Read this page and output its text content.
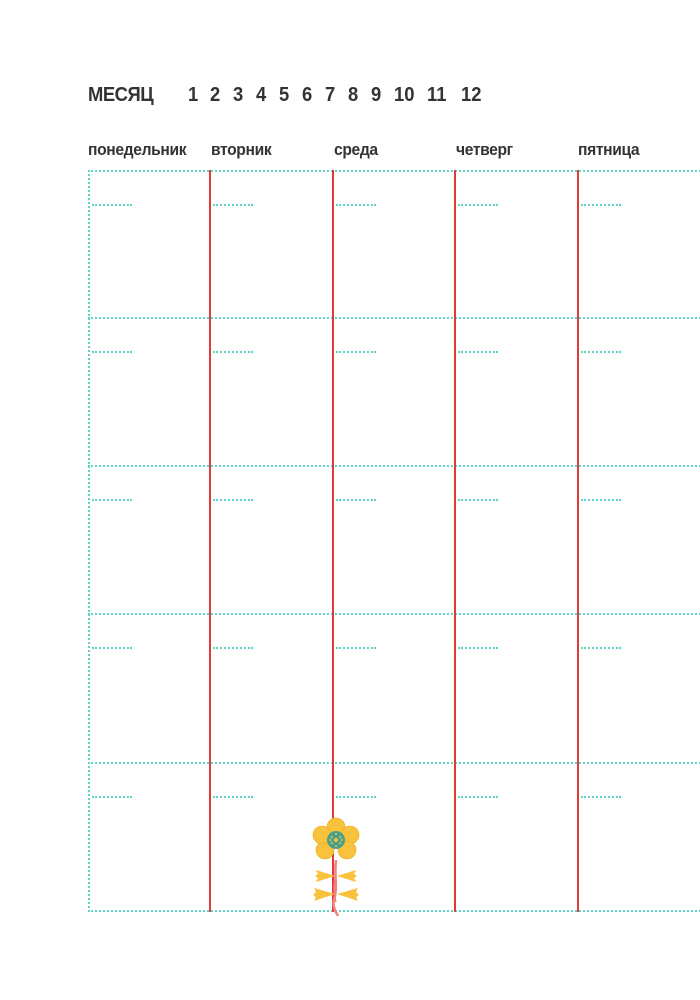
МЕСЯЦ 1 2 3 4 5 6 7 8 9 10 11 12
понедельник вторник	среда	четверг	пятница
